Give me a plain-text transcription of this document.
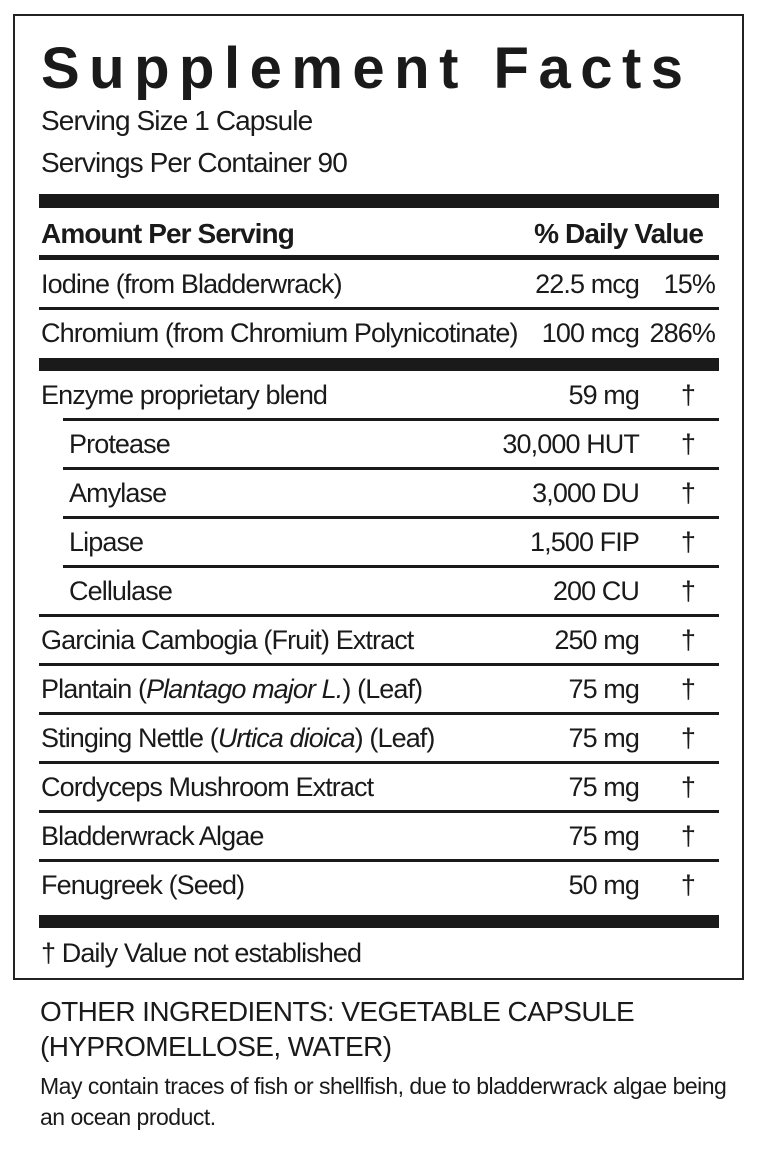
Supplement Facts
Serving Size 1 Capsule
Servings Per Container 90
Amount Per Serving	% Daily Value
Iodine (from Bladderwrack)	22.5 mcg 15%
Chromium (from Chromium Polynicotinate) 100 mcg 286%
Enzyme proprietary blend	59 mg †
Protease	30,000 HUT †
Amylase	3,000 DU †
Lipase	1,500 FIP †
Cellulase	200 CU †
Garcinia Cambogia (Fruit) Extract	250 mg †
Plantain (Plantago major L.) (Leaf)	75 mg †
Stinging Nettle (Urtica dioica) (Leaf)	75 mg †
Cordyceps Mushroom Extract	75 mg †
Bladderwrack Algae	75 mg †
Fenugreek (Seed)	50 mg †
† Daily Value not established
OTHER INGREDIENTS: VEGETABLE CAPSULE (HYPROMELLOSE, WATER)
May contain traces of fish or shellfish, due to bladderwrack algae being an ocean product.
